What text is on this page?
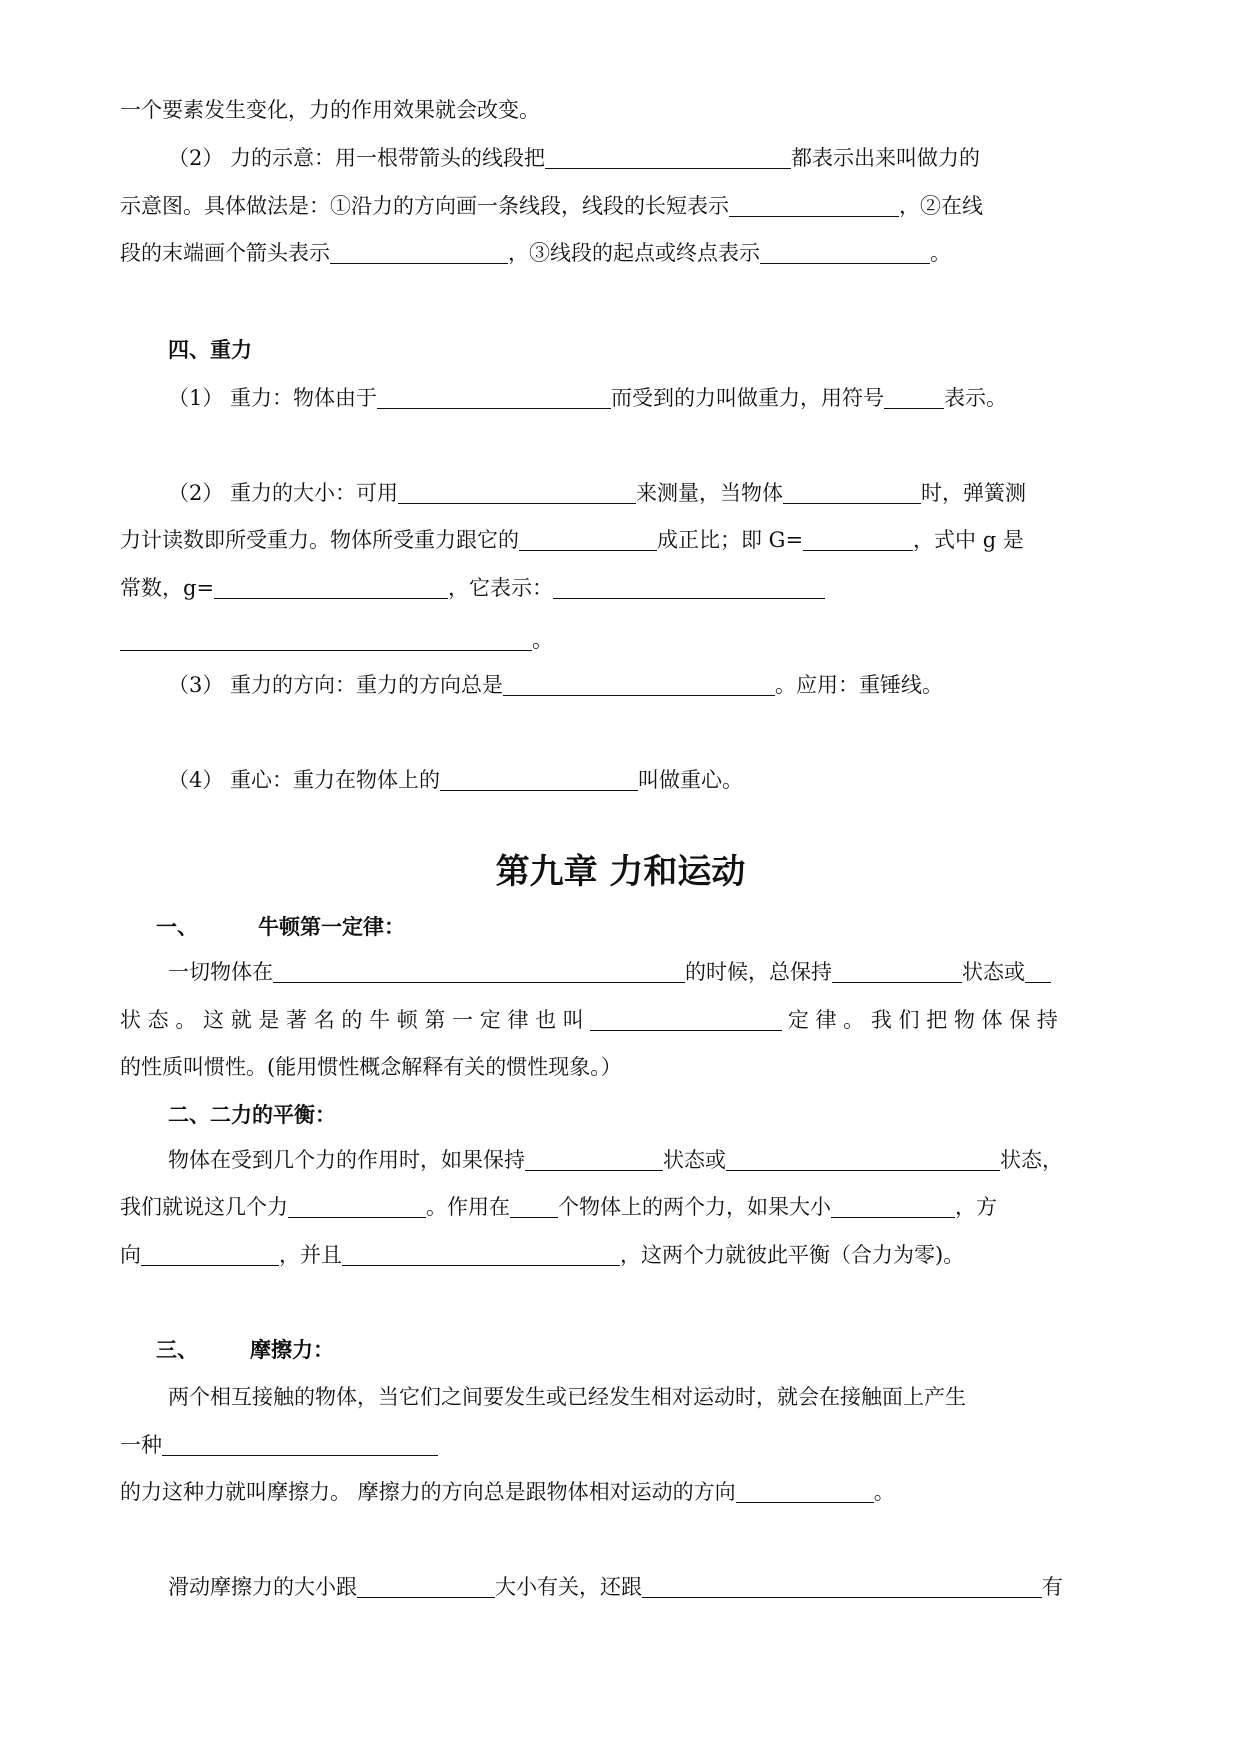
一个要素发生变化，力的作用效果就会改变。
（2） 力的示意：用一根带箭头的线段把	都表示出来叫做力的
示意图。具体做法是：①沿力的方向画一条线段，线段的长短表示	，②在线
段的末端画个箭头表示	，③线段的起点或终点表示	。
四、重力
（1） 重力：物体由于	而受到的力叫做重力，用符号	表示。
（2） 重力的大小：可用	来测量，当物体	时，弹簧测
力计读数即所受重力。物体所受重力跟它的	成正比；即 G=	，式中 g 是
常数，g=	，它表示：
。
（3） 重力的方向：重力的方向总是	。应用：重锤线。
（4） 重心：重力在物体上的	叫做重心。
第九章 力和运动
一、	牛顿第一定律：
一切物体在	的时候，总保持	状态或
状 态 。 这 就 是 著 名 的 牛 顿 第 一 定 律 也 叫	定 律 。 我 们 把 物 体 保 持
的性质叫惯性。(能用惯性概念解释有关的惯性现象。）
二、二力的平衡：
物体在受到几个力的作用时，如果保持	状态或	状态，
我们就说这几个力	。作用在 个物体上的两个力，如果大小	，方
向	，并且	，这两个力就彼此平衡（合力为零)。
三、 摩擦力：
两个相互接触的物体，当它们之间要发生或已经发生相对运动时，就会在接触面上产生
一种
的力这种力就叫摩擦力。 摩擦力的方向总是跟物体相对运动的方向	。
滑动摩擦力的大小跟	大小有关，还跟	有
